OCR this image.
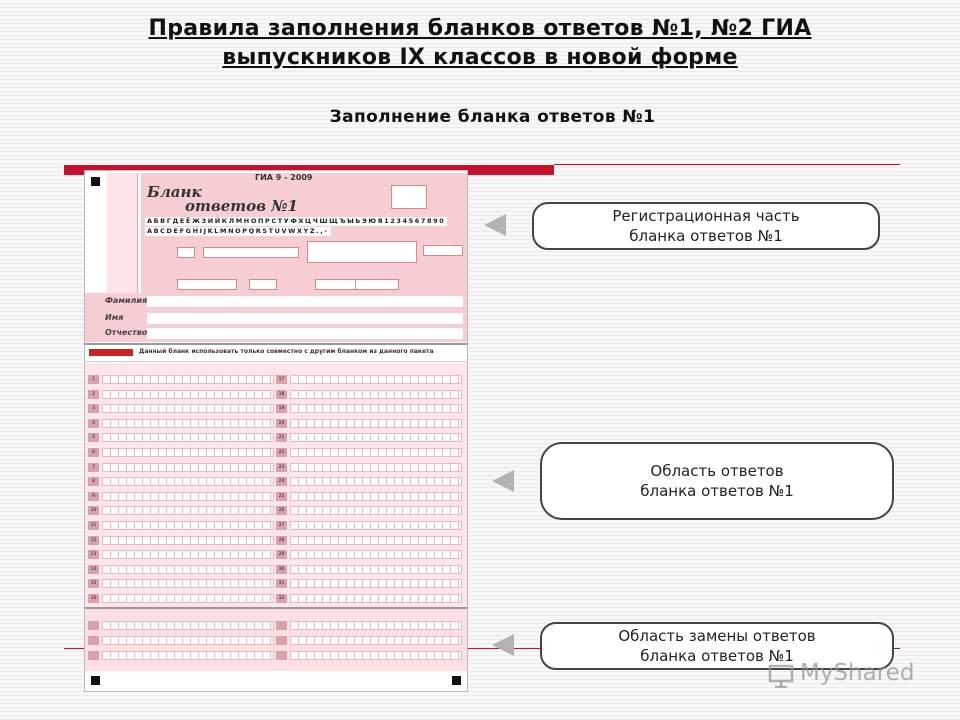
Правила заполнения бланков ответов №1, №2 ГИА
выпускников IX классов в новой форме
Заполнение бланка ответов №1
ГИА 9 - 2009
Бланк
ответов №1
АБВГДЕЁЖЗИЙКЛМНОПРСТУФХЦЧШЩЪЫЬЭЮЯ1234567890
ABCDEFGHIJKLMNOPQRSTUVWXYZ.,-
Фамилия
Имя
Отчество
Данный бланк использовать только совместно с другим бланком из данного пакета
1	17
2	18
3	19
4	20
5	21
6	22
7	23
8	24
9	25
10	26
11	27
12	28
13	29
14	30
15	31
16	32
Регистрационная часть
бланка ответов №1
Область ответов
бланка ответов №1
Область замены ответов
бланка ответов №1
MyShared
